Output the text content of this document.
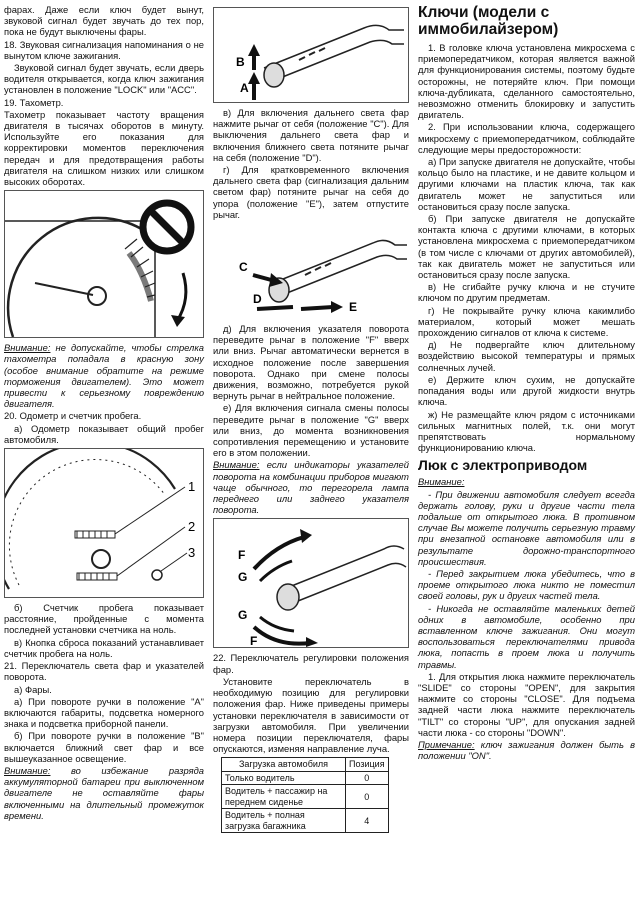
фарах. Даже если ключ будет вынут, звуковой сигнал будет звучать до тех пор, пока не будут выключены фары.

18. Звуковая сигнализация напоминания о не вынутом ключе зажигания.

Звуковой сигнал будет звучать, если дверь водителя открывается, когда ключ зажигания установлен в положение "LOCK" или "ACC".

19. Тахометр.

Тахометр показывает частоту вращения двигателя в тысячах оборотов в минуту. Используйте его показания для корректировки моментов переключения передач и для предотвращения работы двигателя на слишком низких или слишком высоких оборотах.

Внимание: не допускайте, чтобы стрелка тахометра попадала в красную зону (особое внимание обратите на режиме торможения двигателем). Это может привести к серьезному повреждению двигателя.

20. Одометр и счетчик пробега.

а) Одометр показывает общий пробег автомобиля.

1
2
3

б) Счетчик пробега показывает расстояние, пройденные с момента последней установки счетчика на ноль.

в) Кнопка сброса показаний устанавливает счетчик пробега на ноль.

21. Переключатель света фар и указателей поворота.

а) Фары.

а) При повороте ручки в положение "А" включаются габариты, подсветка номерного знака и подсветка приборной панели.

б) При повороте ручки в положение "В" включается ближний свет фар и все вышеуказанное освещение.

Внимание: во избежание разряда аккумуляторной батареи при выключенном двигателе не оставляйте фары включенными на длительный промежуток времени.

B
A

в) Для включения дальнего света фар нажмите рычаг от себя (положение "С"). Для выключения дальнего света фар и включения ближнего света потяните рычаг на себя (положение "D").

г) Для кратковременного включения дальнего света фар (сигнализация дальним светом фар) потяните рычаг на себя до упора (положение "Е"), затем отпустите рычаг.

C
D
E

д) Для включения указателя поворота переведите рычаг в положение "F" вверх или вниз. Рычаг автоматически вернется в исходное положение после завершения поворота. Однако при смене полосы движения, возможно, потребуется рукой вернуть рычаг в нейтральное положение.

е) Для включения сигнала смены полосы переведите рычаг в положение "G" вверх или вниз, до момента возникновения сопротивления перемещению и установите его в этом положении.

Внимание: если индикаторы указателей поворота на комбинации приборов мигают чаще обычного, то перегорела лампа переднего или заднего указателя поворота.

F
G
G
F

22. Переключатель регулировки положения фар.

Установите переключатель в необходимую позицию для регулировки положения фар. Ниже приведены примеры установки переключателя в зависимости от загрузки автомобиля. При увеличении номера позиции переключателя, фары опускаются, изменяя направление луча.

Загрузка автомобиля	Позиция
Только водитель	0
Водитель + пассажир на переднем сиденье	0
Водитель + полная загрузка багажника	4
Ключи (модели с иммобилайзером)

1. В головке ключа установлена микросхема с приемопередатчиком, которая является важной для функционирования системы, поэтому будьте осторожны, не потеряйте ключ. При помощи ключа-дубликата, сделанного самостоятельно, невозможно отменить блокировку и запустить двигатель.

2. При использовании ключа, содержащего микросхему с приемопередатчиком, соблюдайте следующие меры предосторожности:

а) При запуске двигателя не допускайте, чтобы кольцо было на пластике, и не давите кольцом и другими ключами на пластик ключа, так как двигатель может не запуститься или остановиться сразу после запуска.

б) При запуске двигателя не допускайте контакта ключа с другими ключами, в которых установлена микросхема с приемопередатчиком (в том числе с ключами от других автомобилей), так как двигатель может не запуститься или остановиться сразу после запуска.

в) Не сгибайте ручку ключа и не стучите ключом по другим предметам.

г) Не покрывайте ручку ключа какимлибо материалом, который может мешать прохождению сигналов от ключа к системе.

д) Не подвергайте ключ длительному воздействию высокой температуры и прямых солнечных лучей.

е) Держите ключ сухим, не допускайте попадания воды или другой жидкости внутрь ключа.

ж) Не размещайте ключ рядом с источниками сильных магнитных полей, т.к. они могут препятствовать нормальному функционированию ключа.

Люк с электроприводом

Внимание:

- При движении автомобиля следует всегда держать голову, руки и другие части тела подальше от открытого люка. В противном случае Вы можете получить серьезную травму при внезапной остановке автомобиля или в результате дорожно-транспортного происшествия.

- Перед закрытием люка убедитесь, что в проеме открытого люка никто не поместил своей головы, рук и других частей тела.

- Никогда не оставляйте маленьких детей одних в автомобиле, особенно при вставленном ключе зажигания. Они могут воспользоваться переключателями привода люка, попасть в проем люка и получить травмы.

1. Для открытия люка нажмите переключатель "SLIDE" со стороны "OPEN", для закрытия нажмите со стороны "CLOSE". Для подъема задней части люка нажмите переключатель "TILT" со стороны "UP", для опускания задней части люка - со стороны "DOWN".

Примечание: ключ зажигания должен быть в положении "ON".
